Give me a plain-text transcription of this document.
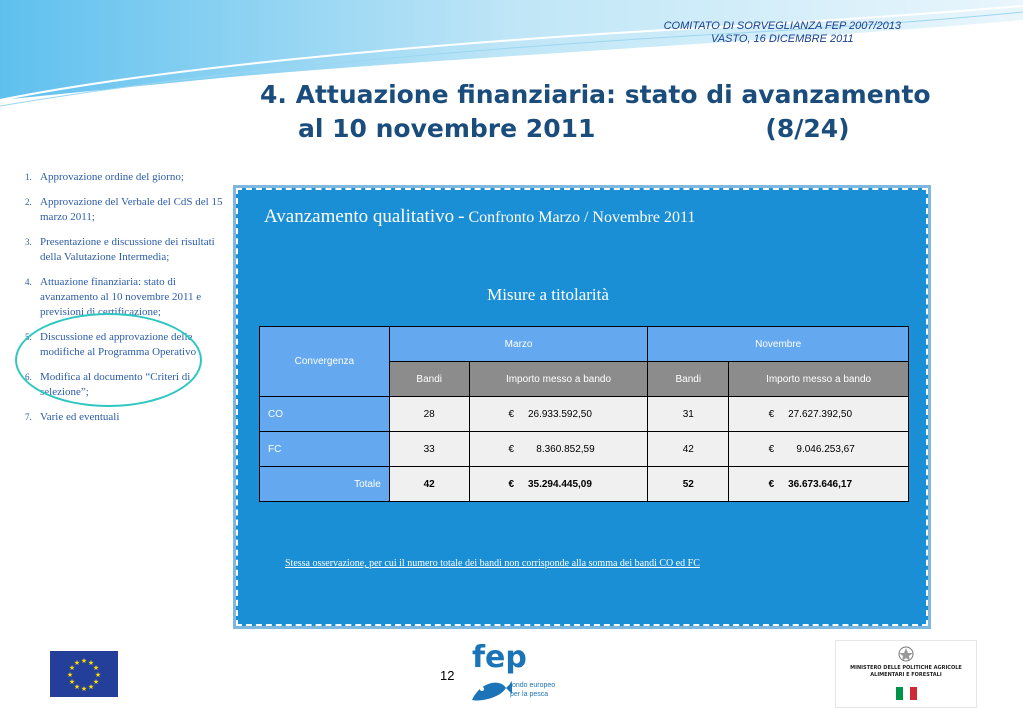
COMITATO DI SORVEGLIANZA FEP 2007/2013
VASTO, 16 DICEMBRE 2011
4. Attuazione finanziaria: stato di avanzamento
al 10 novembre 2011	(8/24)
1. Approvazione ordine del giorno;
2. Approvazione del Verbale del CdS del 15 marzo 2011;
3. Presentazione e discussione dei risultati della Valutazione Intermedia;
4. Attuazione finanziaria: stato di avanzamento al 10 novembre 2011 e previsioni di certificazione;
5. Discussione ed approvazione delle modifiche al Programma Operativo
6. Modifica al documento “Criteri di selezione”;
7. Varie ed eventuali
Avanzamento qualitativo - Confronto Marzo / Novembre 2011
Misure a titolarità
Convergenza	Marzo		Novembre	
	Bandi	Importo messo a bando	Bandi	Importo messo a bando
CO	28	€ 26.933.592,50	31	€ 27.627.392,50
FC	33	€ 8.360.852,59	42	€ 9.046.253,67
Totale	42	€ 35.294.445,09	52	€ 36.673.646,17
Stessa osservazione, per cui il numero totale dei bandi non corrisponde alla somma dei bandi CO ed FC
★ ★
★
★
★
★
★
★
★
★
★
★
12
fep
fondo europeo
per la pesca
MINISTERO DELLE POLITICHE AGRICOLE
ALIMENTARI E FORESTALI
